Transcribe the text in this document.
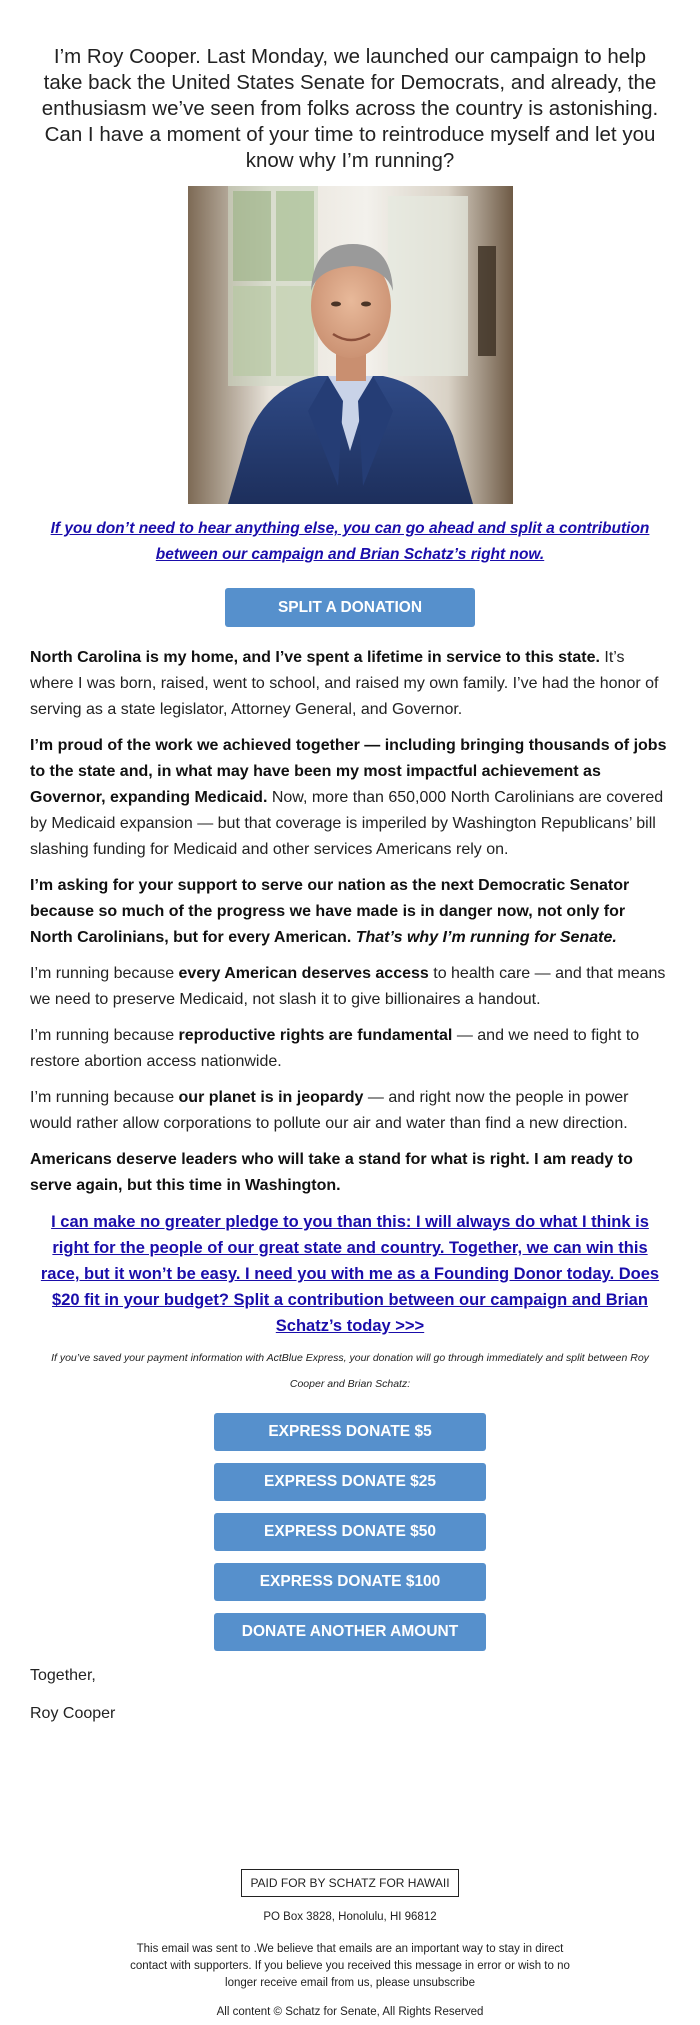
I’m Roy Cooper. Last Monday, we launched our campaign to help take back the United States Senate for Democrats, and already, the enthusiasm we’ve seen from folks across the country is astonishing. Can I have a moment of your time to reintroduce myself and let you know why I’m running?
If you don’t need to hear anything else, you can go ahead and split a contribution between our campaign and Brian Schatz’s right now.
SPLIT A DONATION

North Carolina is my home, and I’ve spent a lifetime in service to this state. It’s where I was born, raised, went to school, and raised my own family. I’ve had the honor of serving as a state legislator, Attorney General, and Governor.

I’m proud of the work we achieved together — including bringing thousands of jobs to the state and, in what may have been my most impactful achievement as Governor, expanding Medicaid. Now, more than 650,000 North Carolinians are covered by Medicaid expansion — but that coverage is imperiled by Washington Republicans’ bill slashing funding for Medicaid and other services Americans rely on.

I’m asking for your support to serve our nation as the next Democratic Senator because so much of the progress we have made is in danger now, not only for North Carolinians, but for every American. That’s why I’m running for Senate.

I’m running because every American deserves access to health care — and that means we need to preserve Medicaid, not slash it to give billionaires a handout.

I’m running because reproductive rights are fundamental — and we need to fight to restore abortion access nationwide.

I’m running because our planet is in jeopardy — and right now the people in power would rather allow corporations to pollute our air and water than find a new direction.

Americans deserve leaders who will take a stand for what is right. I am ready to serve again, but this time in Washington.

I can make no greater pledge to you than this: I will always do what I think is right for the people of our great state and country. Together, we can win this race, but it won’t be easy. I need you with me as a Founding Donor today. Does $20 fit in your budget? Split a contribution between our campaign and Brian Schatz’s today >>>
If you’ve saved your payment information with ActBlue Express, your donation will go through immediately and split between Roy Cooper and Brian Schatz:
EXPRESS DONATE $5
EXPRESS DONATE $25
EXPRESS DONATE $50
EXPRESS DONATE $100
DONATE ANOTHER AMOUNT
Together,
Roy Cooper
PAID FOR BY SCHATZ FOR HAWAII
PO Box 3828, Honolulu, HI 96812
This email was sent to .We believe that emails are an important way to stay in direct contact with supporters. If you believe you received this message in error or wish to no longer receive email from us, please unsubscribe
All content © Schatz for Senate, All Rights Reserved
